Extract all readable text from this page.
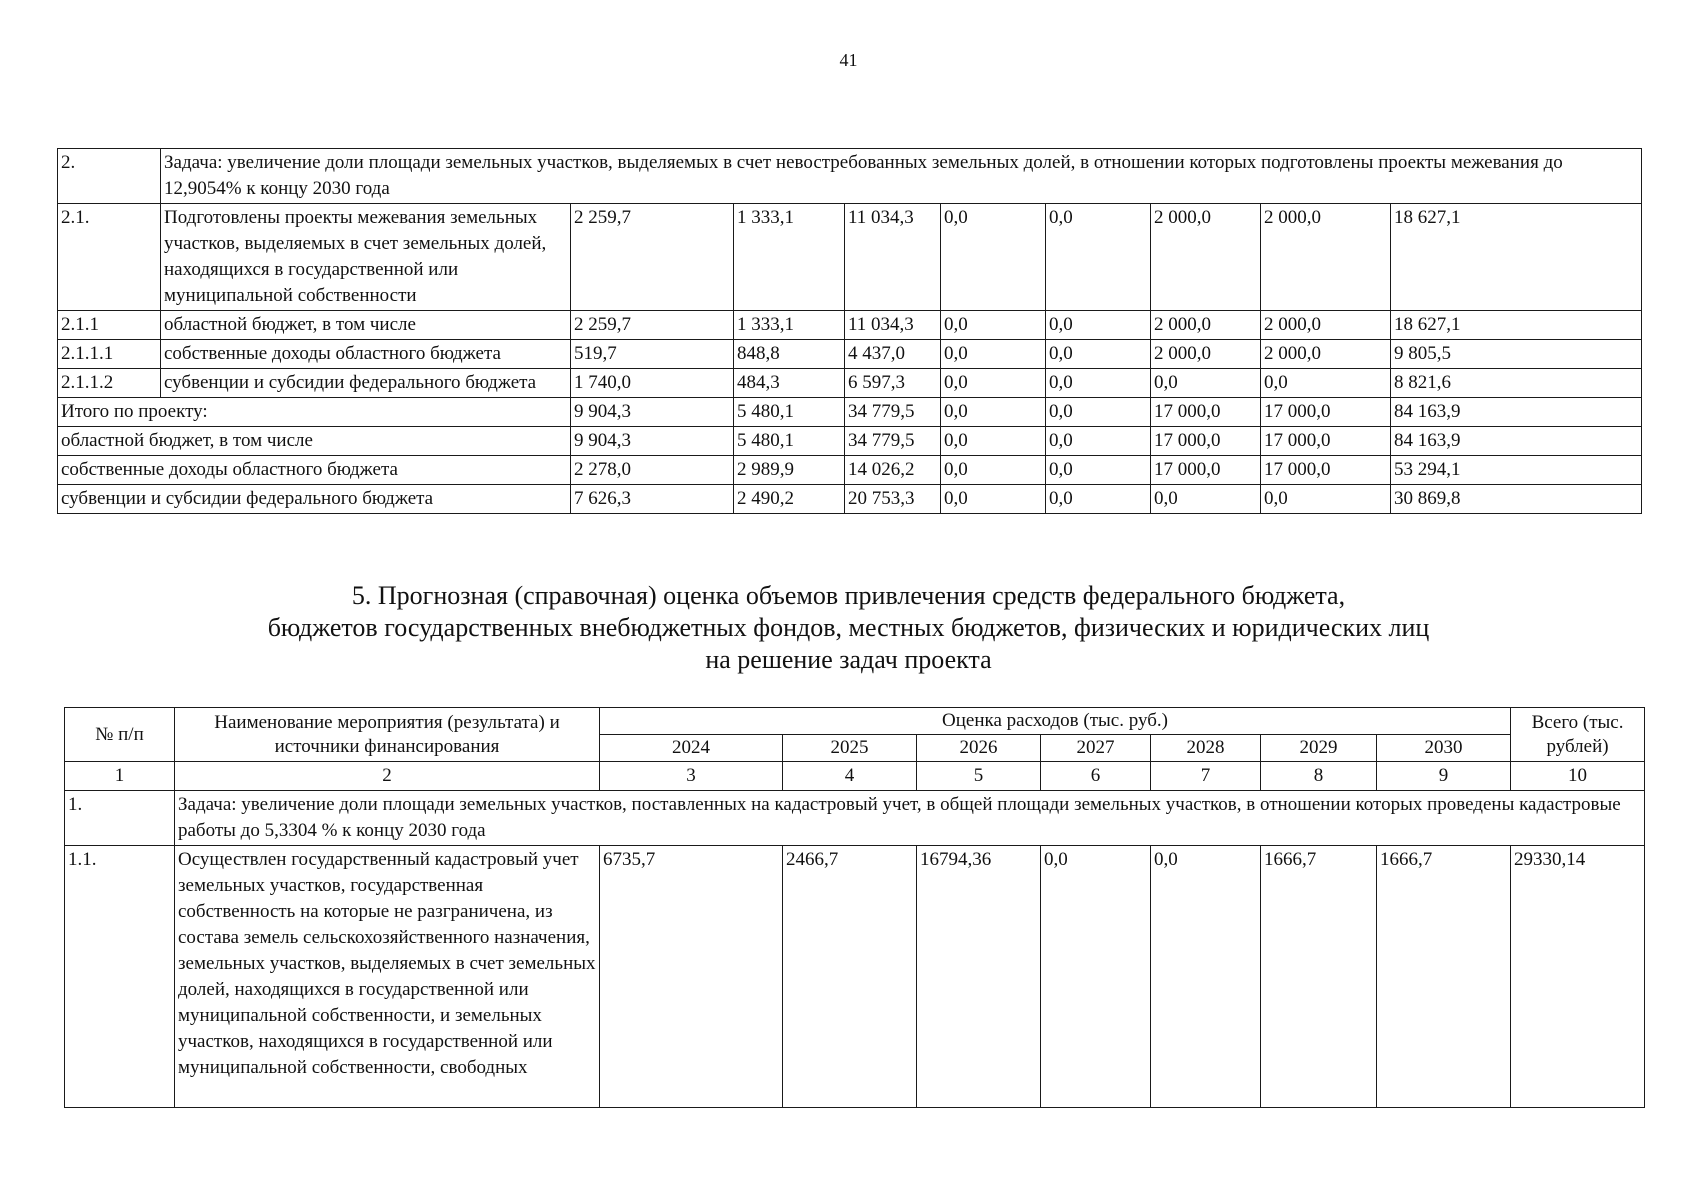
41
2.	Задача: увеличение доли площади земельных участков, выделяемых в счет невостребованных земельных долей, в отношении которых подготовлены проекты межевания до 12,9054% к концу 2030 года								
2.1.	Подготовлены проекты межевания земельных участков, выделяемых в счет земельных долей, находящихся в государственной или муниципальной собственности	2 259,7	1 333,1	11 034,3	0,0	0,0	2 000,0	2 000,0	18 627,1
2.1.1	областной бюджет, в том числе	2 259,7	1 333,1	11 034,3	0,0	0,0	2 000,0	2 000,0	18 627,1
2.1.1.1	собственные доходы областного бюджета	519,7	848,8	4 437,0	0,0	0,0	2 000,0	2 000,0	9 805,5
2.1.1.2	субвенции и субсидии федерального бюджета	1 740,0	484,3	6 597,3	0,0	0,0	0,0	0,0	8 821,6
Итого по проекту:		9 904,3	5 480,1	34 779,5	0,0	0,0	17 000,0	17 000,0	84 163,9
областной бюджет, в том числе		9 904,3	5 480,1	34 779,5	0,0	0,0	17 000,0	17 000,0	84 163,9
собственные доходы областного бюджета		2 278,0	2 989,9	14 026,2	0,0	0,0	17 000,0	17 000,0	53 294,1
субвенции и субсидии федерального бюджета		7 626,3	2 490,2	20 753,3	0,0	0,0	0,0	0,0	30 869,8
5. Прогнозная (справочная) оценка объемов привлечения средств федерального бюджета,
бюджетов государственных внебюджетных фондов, местных бюджетов, физических и юридических лиц
на решение задач проекта
№ п/п	Наименование мероприятия (результата) и источники финансирования	Оценка расходов (тыс. руб.)							Всего (тыс. рублей)
		2024	2025	2026	2027	2028	2029	2030	
1	2	3	4	5	6	7	8	9	10
1.	Задача: увеличение доли площади земельных участков, поставленных на кадастровый учет, в общей площади земельных участков, в отношении которых проведены кадастровые работы до 5,3304 % к концу 2030 года								
1.1.	Осуществлен государственный кадастровый учет земельных участков, государственная собственность на которые не разграничена, из состава земель сельскохозяйственного назначения, земельных участков, выделяемых в счет земельных долей, находящихся в государственной или муниципальной собственности, и земельных участков, находящихся в государственной или муниципальной собственности, свободных	6735,7	2466,7	16794,36	0,0	0,0	1666,7	1666,7	29330,14
